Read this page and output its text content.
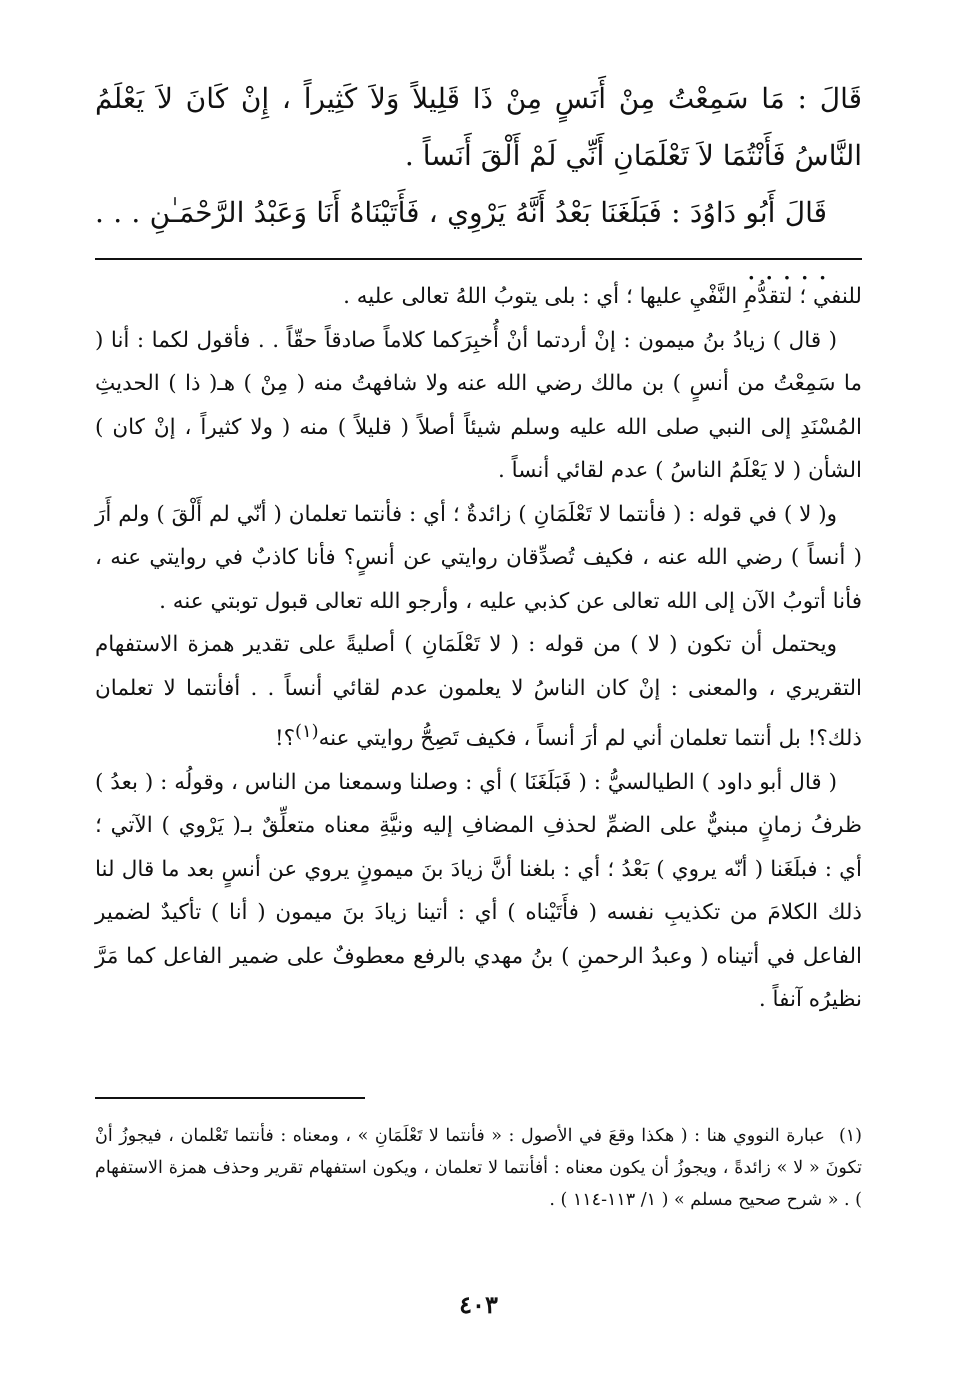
قَالَ : مَا سَمِعْتُ مِنْ أَنَسٍ مِنْ ذَا قَلِيلاً وَلاَ كَثِيراً ، إِنْ كَانَ لاَ يَعْلَمُ النَّاسُ فَأَنْتُمَا لاَ تَعْلَمَانِ أَنِّي لَمْ أَلْقَ أَنَساً .

قَالَ أَبُو دَاوُدَ : فَبَلَغَنَا بَعْدُ أَنَّهُ يَرْوِي ، فَأَتَيْنَاهُ أَنَا وَعَبْدُ الرَّحْمَـٰنِ . . . . . . . .

للنفي ؛ لتقدُّمِ النَّفْيِ عليها ؛ أي : بلى يتوبُ اللهُ تعالى عليه .

( قال ) زيادُ بنُ ميمون : إنْ أردتما أنْ أُخبِرَكما كلاماً صادقاً حقّاً . . فأقول لكما : أنا ( ما سَمِعْتُ من أنسٍ ) بن مالك رضي الله عنه ولا شافهتُ منه ( مِنْ ) هـ( ذا ) الحديثِ المُسْنَدِ إلى النبي صلى الله عليه وسلم شيئاً أصلاً ( قليلاً ) منه ( ولا كثيراً ، إنْ كان ) الشأن ( لا يَعْلَمُ الناسُ ) عدم لقائي أنساً .

و( لا ) في قوله : ( فأنتما لا تَعْلَمَانِ ) زائدةٌ ؛ أي : فأنتما تعلمان ( أنّي لم أَلْقَ ) ولم أَرَ ( أنساً ) رضي الله عنه ، فكيف تُصدِّقان روايتي عن أنسٍ؟ فأنا كاذبٌ في روايتي عنه ، فأنا أتوبُ الآن إلى الله تعالى عن كذبي عليه ، وأرجو الله تعالى قبول توبتي عنه .

ويحتمل أن تكون ( لا ) من قوله : ( لا تَعْلَمَانِ ) أصليةً على تقدير همزة الاستفهام التقريري ، والمعنى : إنْ كان الناسُ لا يعلمون عدم لقائي أنساً . . أفأنتما لا تعلمان ذلك؟! بل أنتما تعلمان أني لم أرَ أنساً ، فكيف تَصِحُّ روايتي عنه$^{(١)}$؟!

( قال أبو داود ) الطيالسيُّ : ( فَبَلَغَنَا ) أي : وصلنا وسمعنا من الناس ، وقولُه : ( بعدُ ) ظرفُ زمانٍ مبنيٌّ على الضمِّ لحذفِ المضافِ إليه ونيَّةِ معناه متعلِّقٌ بـ( يَرْوي ) الآتي ؛ أي : فبلَغَنا ( أنّه يروي ) بَعْدُ ؛ أي : بلغنا أنَّ زيادَ بنَ ميمونٍ يروي عن أنسٍ بعد ما قال لنا ذلك الكلامَ من تكذيبِ نفسه ( فأَتَيْناه ) أي : أتينا زيادَ بنَ ميمون ( أنا ) تأكيدٌ لضمير الفاعل في أتيناه ( وعبدُ الرحمنِ ) بنُ مهدي بالرفع معطوفٌ على ضمير الفاعل كما مَرَّ نظيرُه آنفاً .

(١)عبارة النووي هنا : ( هكذا وقعَ في الأصول : « فأنتما لا تَعْلَمَانِ » ، ومعناه : فأنتما تَعْلمان ، فيجوزُ أنْ تكونَ « لا » زائدةً ، ويجوزُ أن يكون معناه : أفأنتما لا تعلمان ، ويكون استفهام تقرير وحذف همزة الاستفهام ) . « شرح صحيح مسلم » ( ١/ ١١٣-١١٤ ) .
٤٠٣
